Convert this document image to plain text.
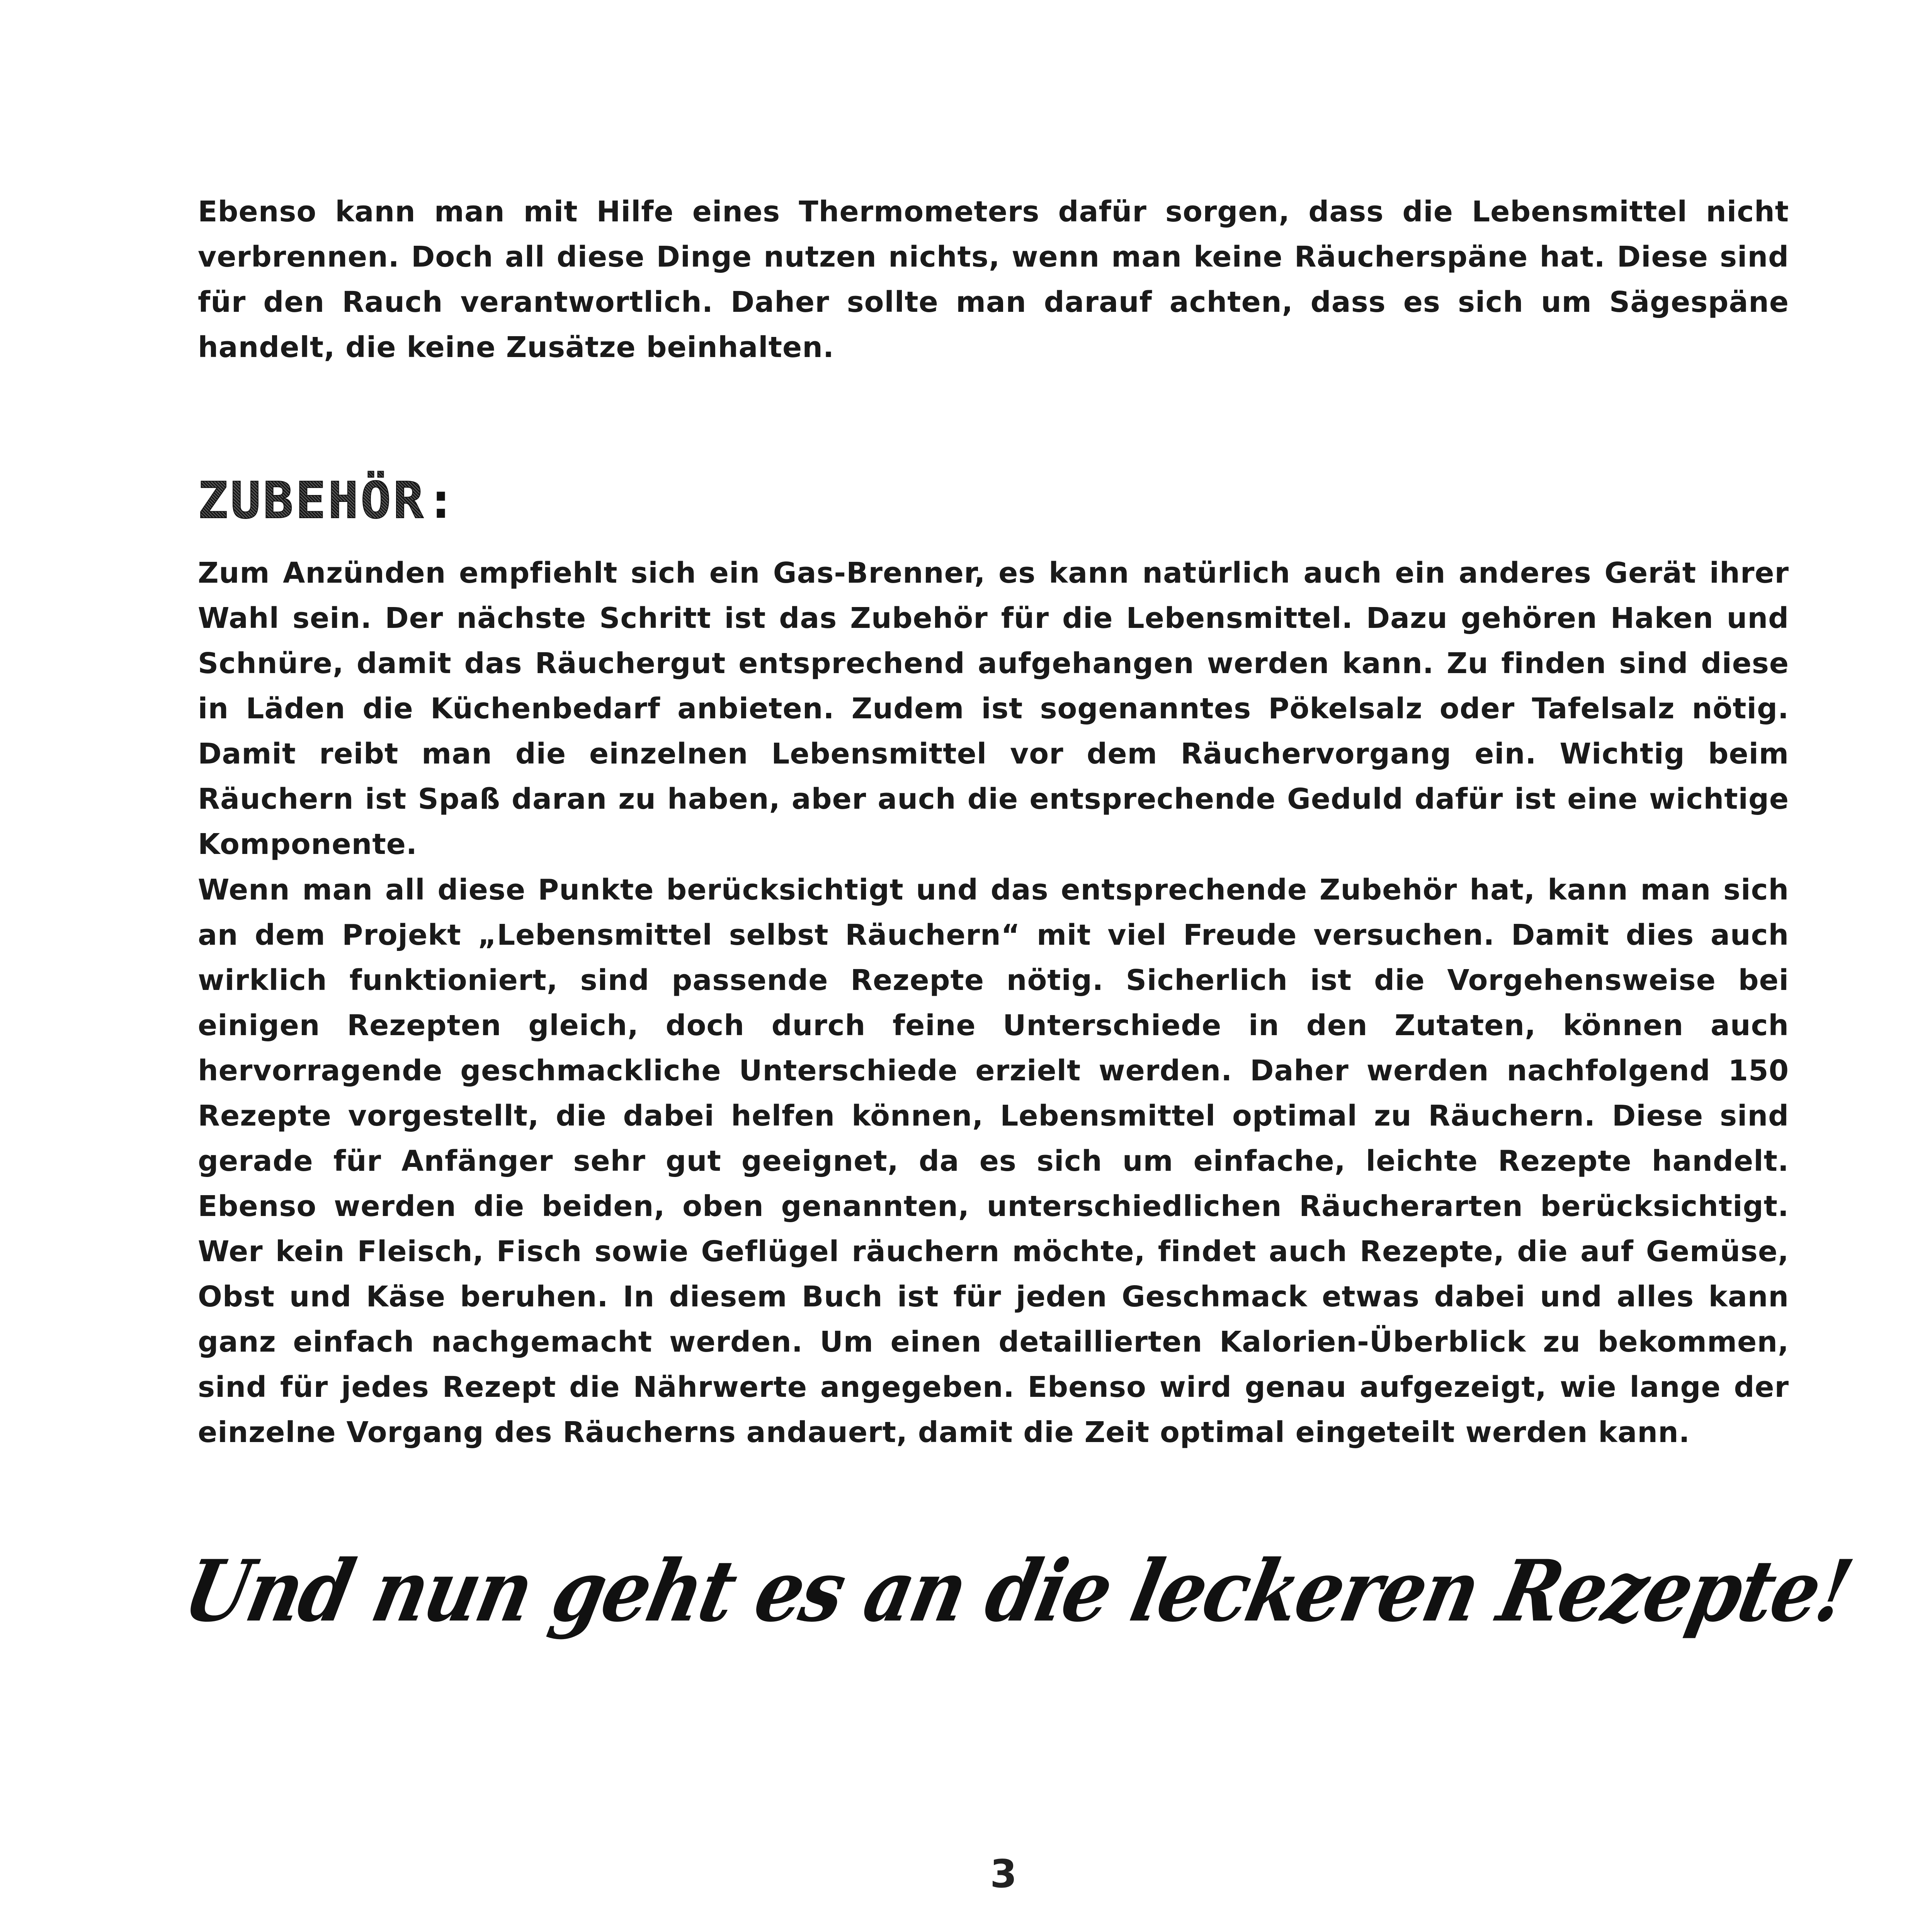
Ebenso kann man mit Hilfe eines Thermometers dafür sorgen, dass die Lebensmittel nicht verbrennen. Doch all diese Dinge nutzen nichts, wenn man keine Räucherspäne hat. Diese sind für den Rauch verantwortlich. Daher sollte man darauf achten, dass es sich um Sägespäne handelt, die keine Zusätze beinhalten.

ZUBEHÖR:

Zum Anzünden empfiehlt sich ein Gas-Brenner, es kann natürlich auch ein anderes Gerät ihrer Wahl sein. Der nächste Schritt ist das Zubehör für die Lebensmittel. Dazu gehören Haken und Schnüre, damit das Räuchergut entsprechend aufgehangen werden kann. Zu finden sind diese in Läden die Küchenbedarf anbieten. Zudem ist sogenanntes Pökelsalz oder Tafelsalz nötig. Damit reibt man die einzelnen Lebensmittel vor dem Räuchervorgang ein. Wichtig beim Räuchern ist Spaß daran zu haben, aber auch die entsprechende Geduld dafür ist eine wichtige Komponente.

Wenn man all diese Punkte berücksichtigt und das entsprechende Zubehör hat, kann man sich an dem Projekt „Lebensmittel selbst Räuchern“ mit viel Freude versuchen. Damit dies auch wirklich funktioniert, sind passende Rezepte nötig. Sicherlich ist die Vorgehensweise bei einigen Rezepten gleich, doch durch feine Unterschiede in den Zutaten, können auch hervorragende geschmackliche Unterschiede erzielt werden. Daher werden nachfolgend 150 Rezepte vorgestellt, die dabei helfen können, Lebensmittel optimal zu Räuchern. Diese sind gerade für Anfänger sehr gut geeignet, da es sich um einfache, leichte Rezepte handelt. Ebenso werden die beiden, oben genannten, unterschiedlichen Räucherarten berücksichtigt. Wer kein Fleisch, Fisch sowie Geflügel räuchern möchte, findet auch Rezepte, die auf Gemüse, Obst und Käse beruhen. In diesem Buch ist für jeden Geschmack etwas dabei und alles kann ganz einfach nachgemacht werden. Um einen detaillierten Kalorien-Überblick zu bekommen, sind für jedes Rezept die Nährwerte angegeben. Ebenso wird genau aufgezeigt, wie lange der einzelne Vorgang des Räucherns andauert, damit die Zeit optimal eingeteilt werden kann.

Und nun geht es an die leckeren Rezepte!

3
